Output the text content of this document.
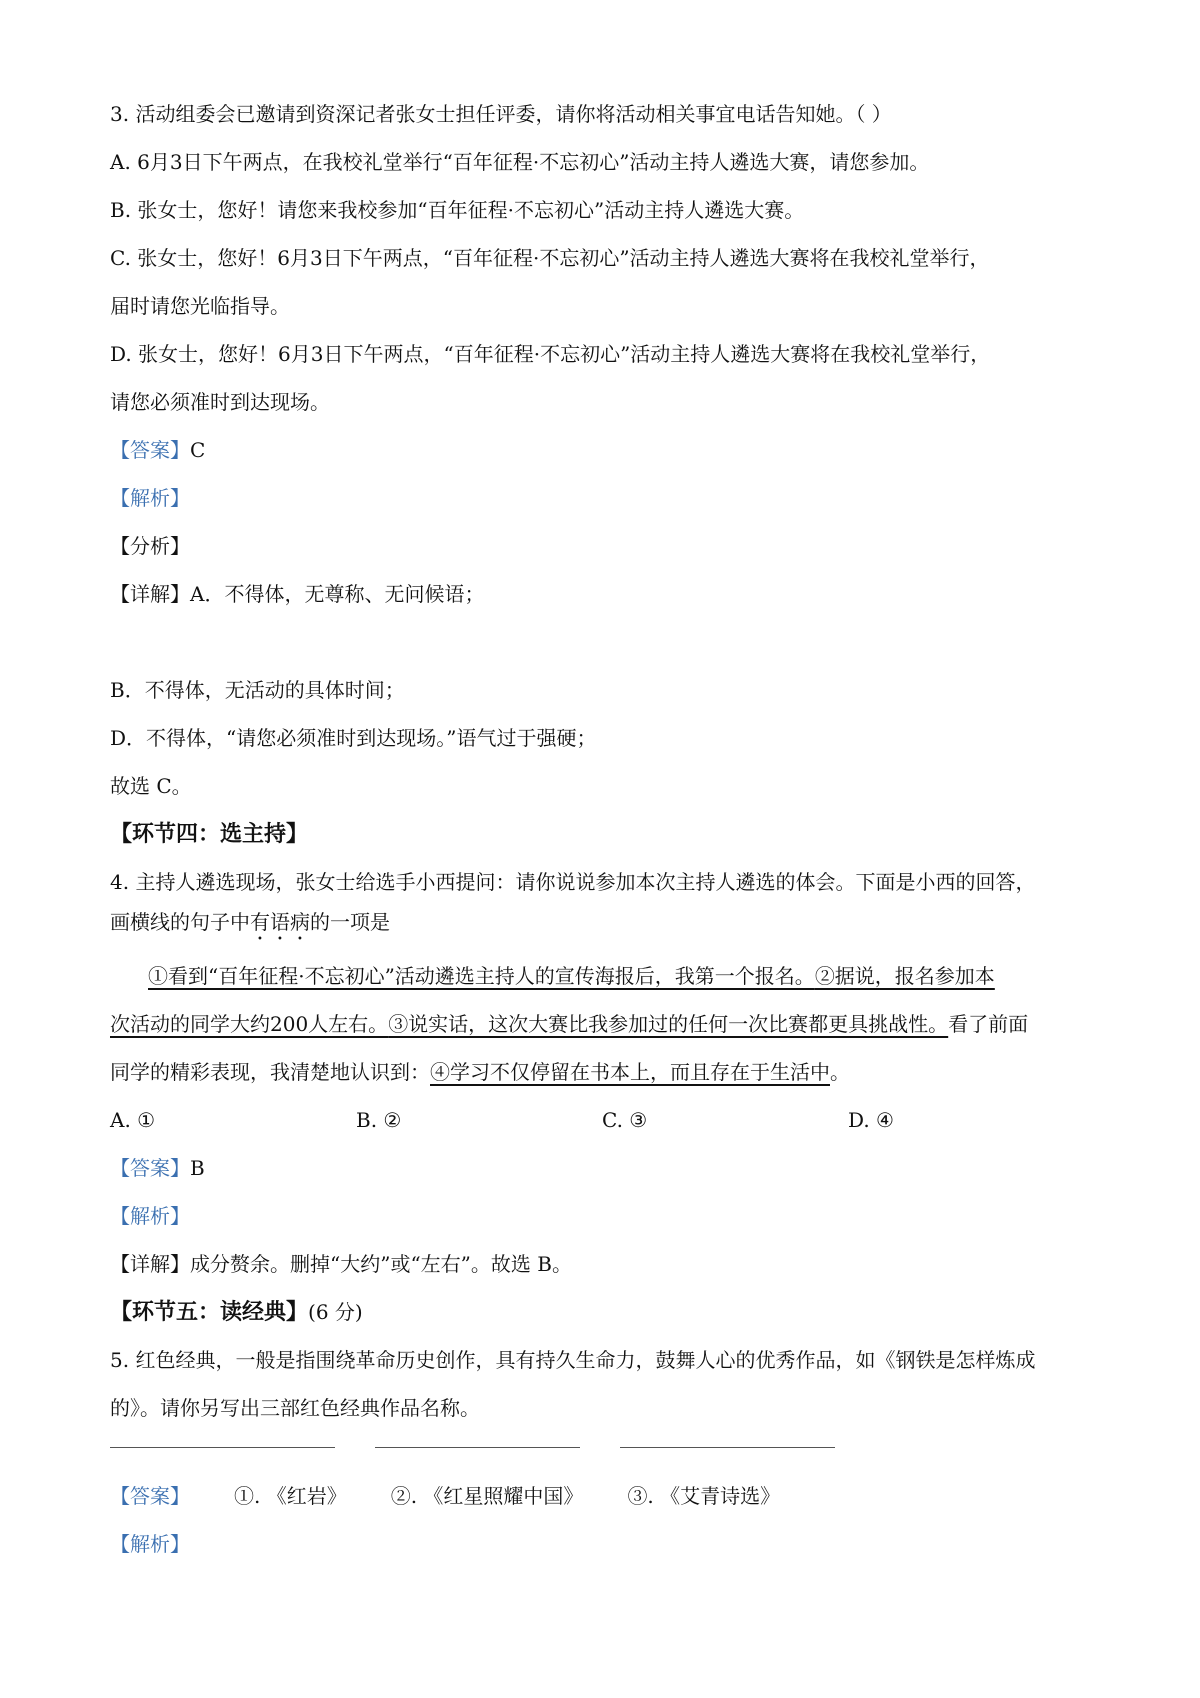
3. 活动组委会已邀请到资深记者张女士担任评委，请你将活动相关事宜电话告知她。（ ）
A. 6月3日下午两点，在我校礼堂举行“百年征程·不忘初心”活动主持人遴选大赛，请您参加。
B. 张女士，您好！请您来我校参加“百年征程·不忘初心”活动主持人遴选大赛。
C. 张女士，您好！6月3日下午两点，“百年征程·不忘初心”活动主持人遴选大赛将在我校礼堂举行，
届时请您光临指导。
D. 张女士，您好！6月3日下午两点，“百年征程·不忘初心”活动主持人遴选大赛将在我校礼堂举行，
请您必须准时到达现场。
【答案】C
【解析】
【分析】
【详解】A．不得体，无尊称、无问候语；
B．不得体，无活动的具体时间；
D．不得体，“请您必须准时到达现场。”语气过于强硬；
故选 C。
【环节四：选主持】
4. 主持人遴选现场，张女士给选手小西提问：请你说说参加本次主持人遴选的体会。下面是小西的回答，
画横线的句子中有语病的一项是
①看到“百年征程·不忘初心”活动遴选主持人的宣传海报后，我第一个报名。②据说，报名参加本
次活动的同学大约200人左右。③说实话，这次大赛比我参加过的任何一次比赛都更具挑战性。看了前面
同学的精彩表现，我清楚地认识到：④学习不仅停留在书本上，而且存在于生活中。
A. ①	B. ②	C. ③	D. ④
【答案】B
【解析】
【详解】成分赘余。删掉“大约”或“左右”。故选 B。
【环节五：读经典】(6 分)
5. 红色经典，一般是指围绕革命历史创作，具有持久生命力，鼓舞人心的优秀作品，如《钢铁是怎样炼成
的》。请你另写出三部红色经典作品名称。
【答案】 ①. 《红岩》 ②. 《红星照耀中国》 ③. 《艾青诗选》
【解析】
